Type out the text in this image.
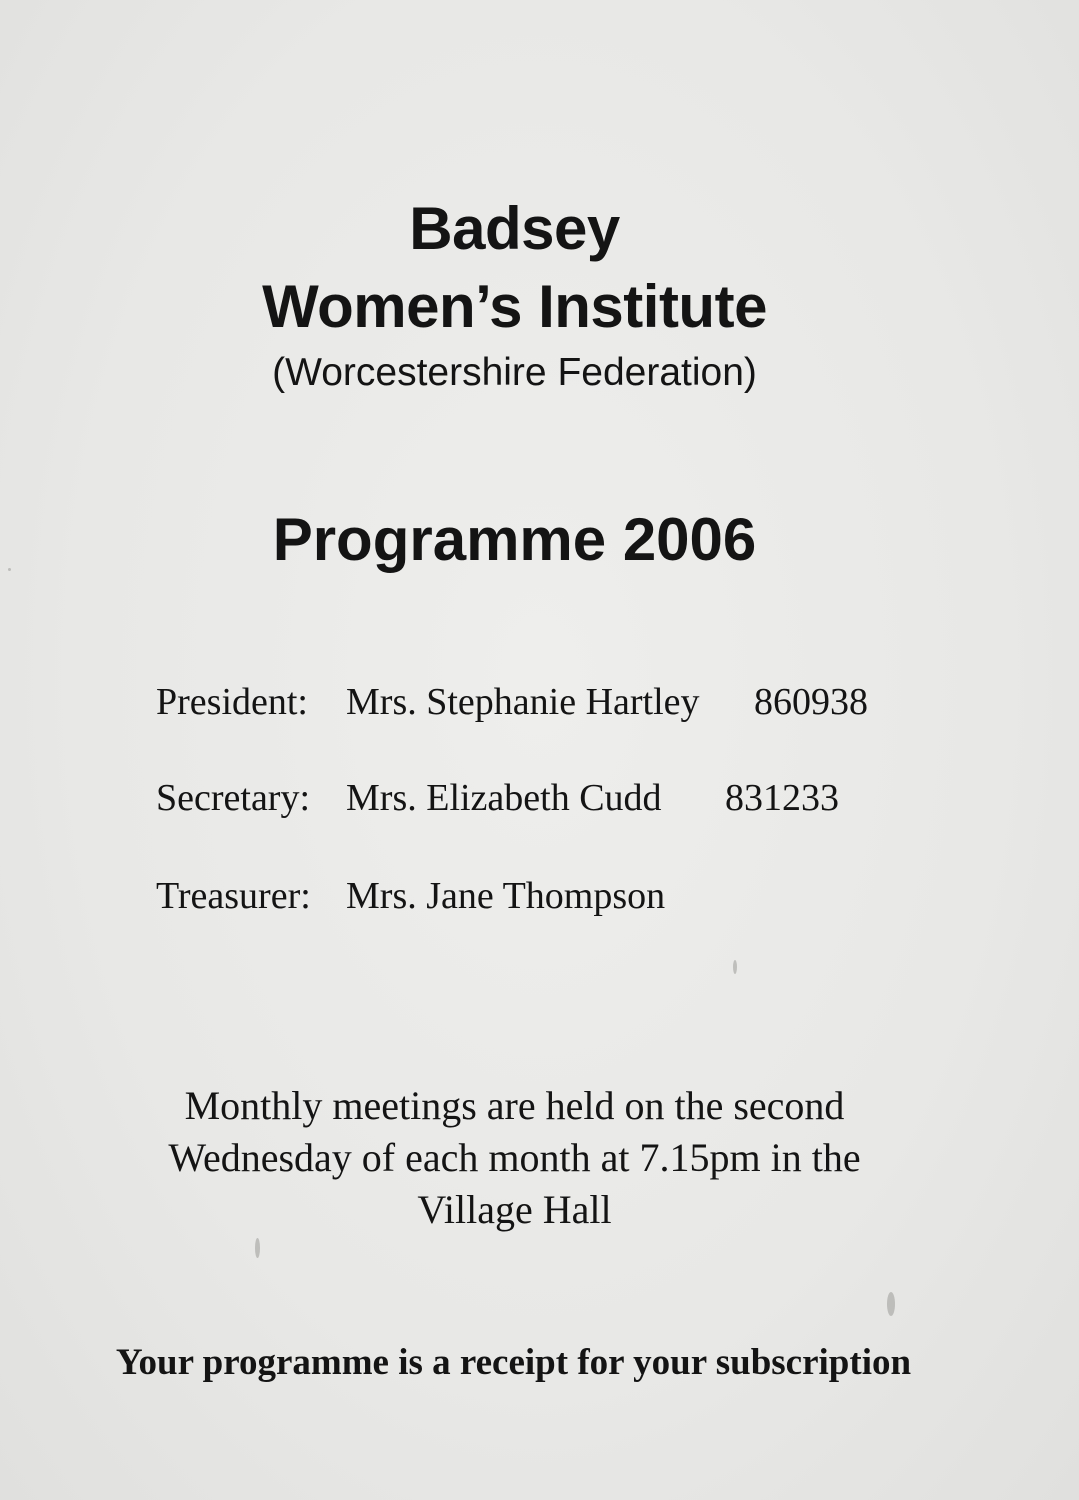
Badsey
Women’s Institute
(Worcestershire Federation)
Programme 2006
President: Mrs. Stephanie Hartley 860938
Secretary: Mrs. Elizabeth Cudd 831233
Treasurer: Mrs. Jane Thompson
Monthly meetings are held on the second
Wednesday of each month at 7.15pm in the
Village Hall
Your programme is a receipt for your subscription
